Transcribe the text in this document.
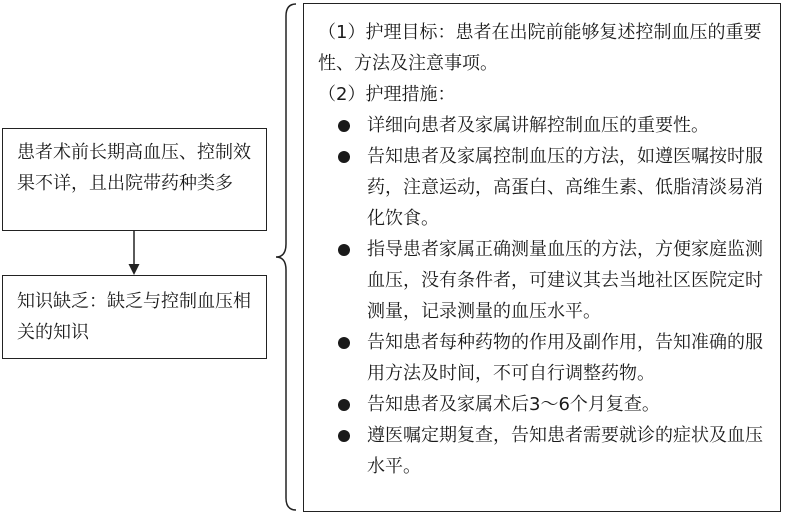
患者术前长期高血压、控制效果不详，且出院带药种类多
知识缺乏：缺乏与控制血压相关的知识

（1）护理目标：患者在出院前能够复述控制血压的重要性、方法及注意事项。

（2）护理措施：

详细向患者及家属讲解控制血压的重要性。
告知患者及家属控制血压的方法，如遵医嘱按时服药，注意运动，高蛋白、高维生素、低脂清淡易消化饮食。
指导患者家属正确测量血压的方法，方便家庭监测血压，没有条件者，可建议其去当地社区医院定时测量，记录测量的血压水平。
告知患者每种药物的作用及副作用，告知准确的服用方法及时间，不可自行调整药物。
告知患者及家属术后3～6个月复查。
遵医嘱定期复查，告知患者需要就诊的症状及血压水平。
